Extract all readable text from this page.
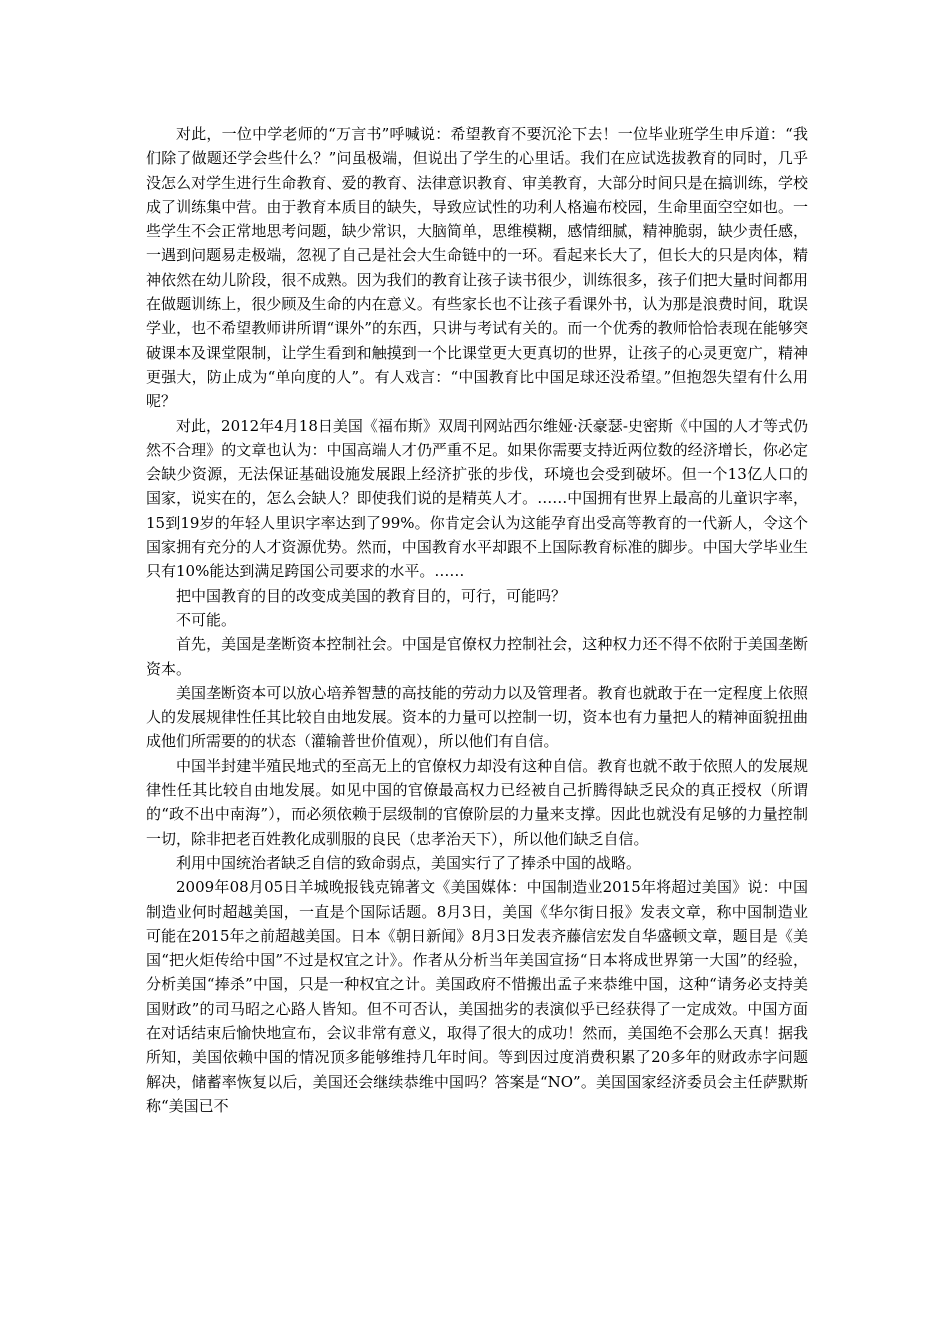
对此，一位中学老师的“万言书”呼喊说：希望教育不要沉沦下去！一位毕业班学生申斥道：“我们除了做题还学会些什么？”问虽极端，但说出了学生的心里话。我们在应试选拔教育的同时，几乎没怎么对学生进行生命教育、爱的教育、法律意识教育、审美教育，大部分时间只是在搞训练，学校成了训练集中营。由于教育本质目的缺失，导致应试性的功利人格遍布校园，生命里面空空如也。一些学生不会正常地思考问题，缺少常识，大脑简单，思维模糊，感情细腻，精神脆弱，缺少责任感，一遇到问题易走极端，忽视了自己是社会大生命链中的一环。看起来长大了，但长大的只是肉体，精神依然在幼儿阶段，很不成熟。因为我们的教育让孩子读书很少，训练很多，孩子们把大量时间都用在做题训练上，很少顾及生命的内在意义。有些家长也不让孩子看课外书，认为那是浪费时间，耽误学业，也不希望教师讲所谓“课外”的东西，只讲与考试有关的。而一个优秀的教师恰恰表现在能够突破课本及课堂限制，让学生看到和触摸到一个比课堂更大更真切的世界，让孩子的心灵更宽广，精神更强大，防止成为“单向度的人”。有人戏言：“中国教育比中国足球还没希望。”但抱怨失望有什么用呢？

对此，2012年4月18日美国《福布斯》双周刊网站西尔维娅·沃豪瑟-史密斯《中国的人才等式仍然不合理》的文章也认为：中国高端人才仍严重不足。如果你需要支持近两位数的经济增长，你必定会缺少资源，无法保证基础设施发展跟上经济扩张的步伐，环境也会受到破坏。但一个13亿人口的国家，说实在的，怎么会缺人？即使我们说的是精英人才。……中国拥有世界上最高的儿童识字率，15到19岁的年轻人里识字率达到了99%。你肯定会认为这能孕育出受高等教育的一代新人，令这个国家拥有充分的人才资源优势。然而，中国教育水平却跟不上国际教育标准的脚步。中国大学毕业生只有10%能达到满足跨国公司要求的水平。……

把中国教育的目的改变成美国的教育目的，可行，可能吗？

不可能。

首先，美国是垄断资本控制社会。中国是官僚权力控制社会，这种权力还不得不依附于美国垄断资本。

美国垄断资本可以放心培养智慧的高技能的劳动力以及管理者。教育也就敢于在一定程度上依照人的发展规律性任其比较自由地发展。资本的力量可以控制一切，资本也有力量把人的精神面貌扭曲成他们所需要的的状态（灌输普世价值观），所以他们有自信。

中国半封建半殖民地式的至高无上的官僚权力却没有这种自信。教育也就不敢于依照人的发展规律性任其比较自由地发展。如见中国的官僚最高权力已经被自己折腾得缺乏民众的真正授权（所谓的“政不出中南海”），而必须依赖于层级制的官僚阶层的力量来支撑。因此也就没有足够的力量控制一切，除非把老百姓教化成驯服的良民（忠孝治天下），所以他们缺乏自信。

利用中国统治者缺乏自信的致命弱点，美国实行了了捧杀中国的战略。

2009年08月05日羊城晚报钱克锦著文《美国媒体：中国制造业2015年将超过美国》说：中国制造业何时超越美国，一直是个国际话题。8月3日，美国《华尔街日报》发表文章，称中国制造业可能在2015年之前超越美国。日本《朝日新闻》8月3日发表齐藤信宏发自华盛顿文章，题目是《美国“把火炬传给中国”不过是权宜之计》。作者从分析当年美国宣扬“日本将成世界第一大国”的经验，分析美国“捧杀”中国，只是一种权宜之计。美国政府不惜搬出孟子来恭维中国，这种“请务必支持美国财政”的司马昭之心路人皆知。但不可否认，美国拙劣的表演似乎已经获得了一定成效。中国方面在对话结束后愉快地宣布，会议非常有意义，取得了很大的成功！然而，美国绝不会那么天真！据我所知，美国依赖中国的情况顶多能够维持几年时间。等到因过度消费积累了20多年的财政赤字问题解决，储蓄率恢复以后，美国还会继续恭维中国吗？答案是“NO”。美国国家经济委员会主任萨默斯称“美国已不
